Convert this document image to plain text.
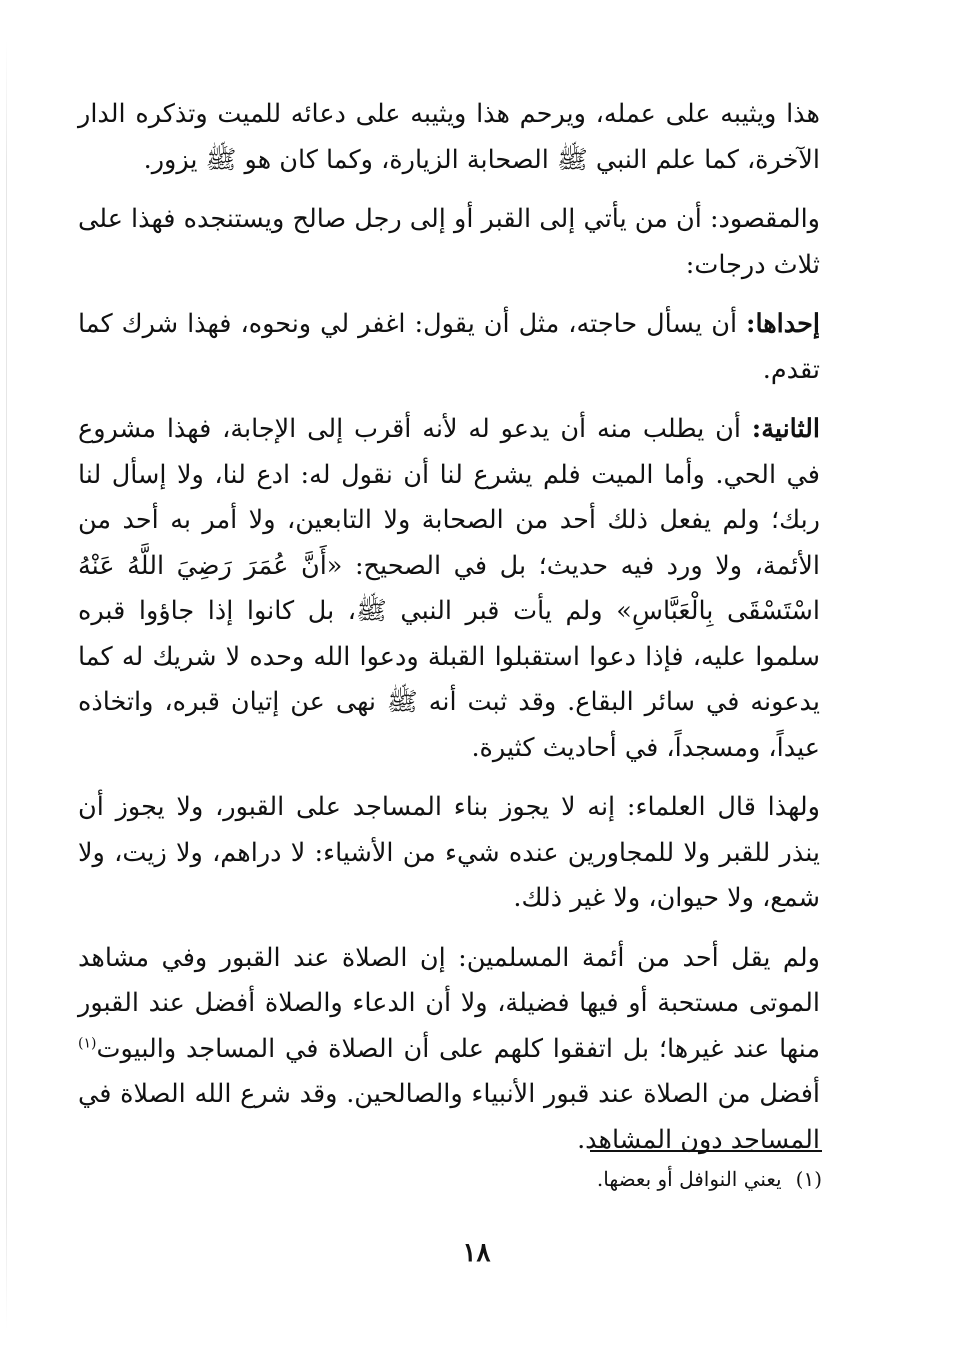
هذا ويثيبه على عمله، ويرحم هذا ويثيبه على دعائه للميت وتذكره الدار الآخرة، كما علم النبي ﷺ الصحابة الزيارة، وكما كان هو ﷺ يزور.

والمقصود: أن من يأتي إلى القبر أو إلى رجل صالح ويستنجده فهذا على ثلاث درجات:

إحداها: أن يسأل حاجته، مثل أن يقول: اغفر لي ونحوه، فهذا شرك كما تقدم.

الثانية: أن يطلب منه أن يدعو له لأنه أقرب إلى الإجابة، فهذا مشروع في الحي. وأما الميت فلم يشرع لنا أن نقول له: ادع لنا، ولا إسأل لنا ربك؛ ولم يفعل ذلك أحد من الصحابة ولا التابعين، ولا أمر به أحد من الأئمة، ولا ورد فيه حديث؛ بل في الصحيح: «أَنَّ عُمَرَ رَضِيَ اللَّهُ عَنْهُ اسْتَسْقَى بِالْعَبَّاسِ» ولم يأت قبر النبي ﷺ، بل كانوا إذا جاؤوا قبره سلموا عليه، فإذا دعوا استقبلوا القبلة ودعوا الله وحده لا شريك له كما يدعونه في سائر البقاع. وقد ثبت أنه ﷺ نهى عن إتيان قبره، واتخاذه عيداً، ومسجداً، في أحاديث كثيرة.

ولهذا قال العلماء: إنه لا يجوز بناء المساجد على القبور، ولا يجوز أن ينذر للقبر ولا للمجاورين عنده شيء من الأشياء: لا دراهم، ولا زيت، ولا شمع، ولا حيوان، ولا غير ذلك.

ولم يقل أحد من أئمة المسلمين: إن الصلاة عند القبور وفي مشاهد الموتى مستحبة أو فيها فضيلة، ولا أن الدعاء والصلاة أفضل عند القبور منها عند غيرها؛ بل اتفقوا كلهم على أن الصلاة في المساجد والبيوت$^{(١)}$ أفضل من الصلاة عند قبور الأنبياء والصالحين. وقد شرع الله الصلاة في المساجد دون المشاهد.

(١)يعني النوافل أو بعضها.
١٨
